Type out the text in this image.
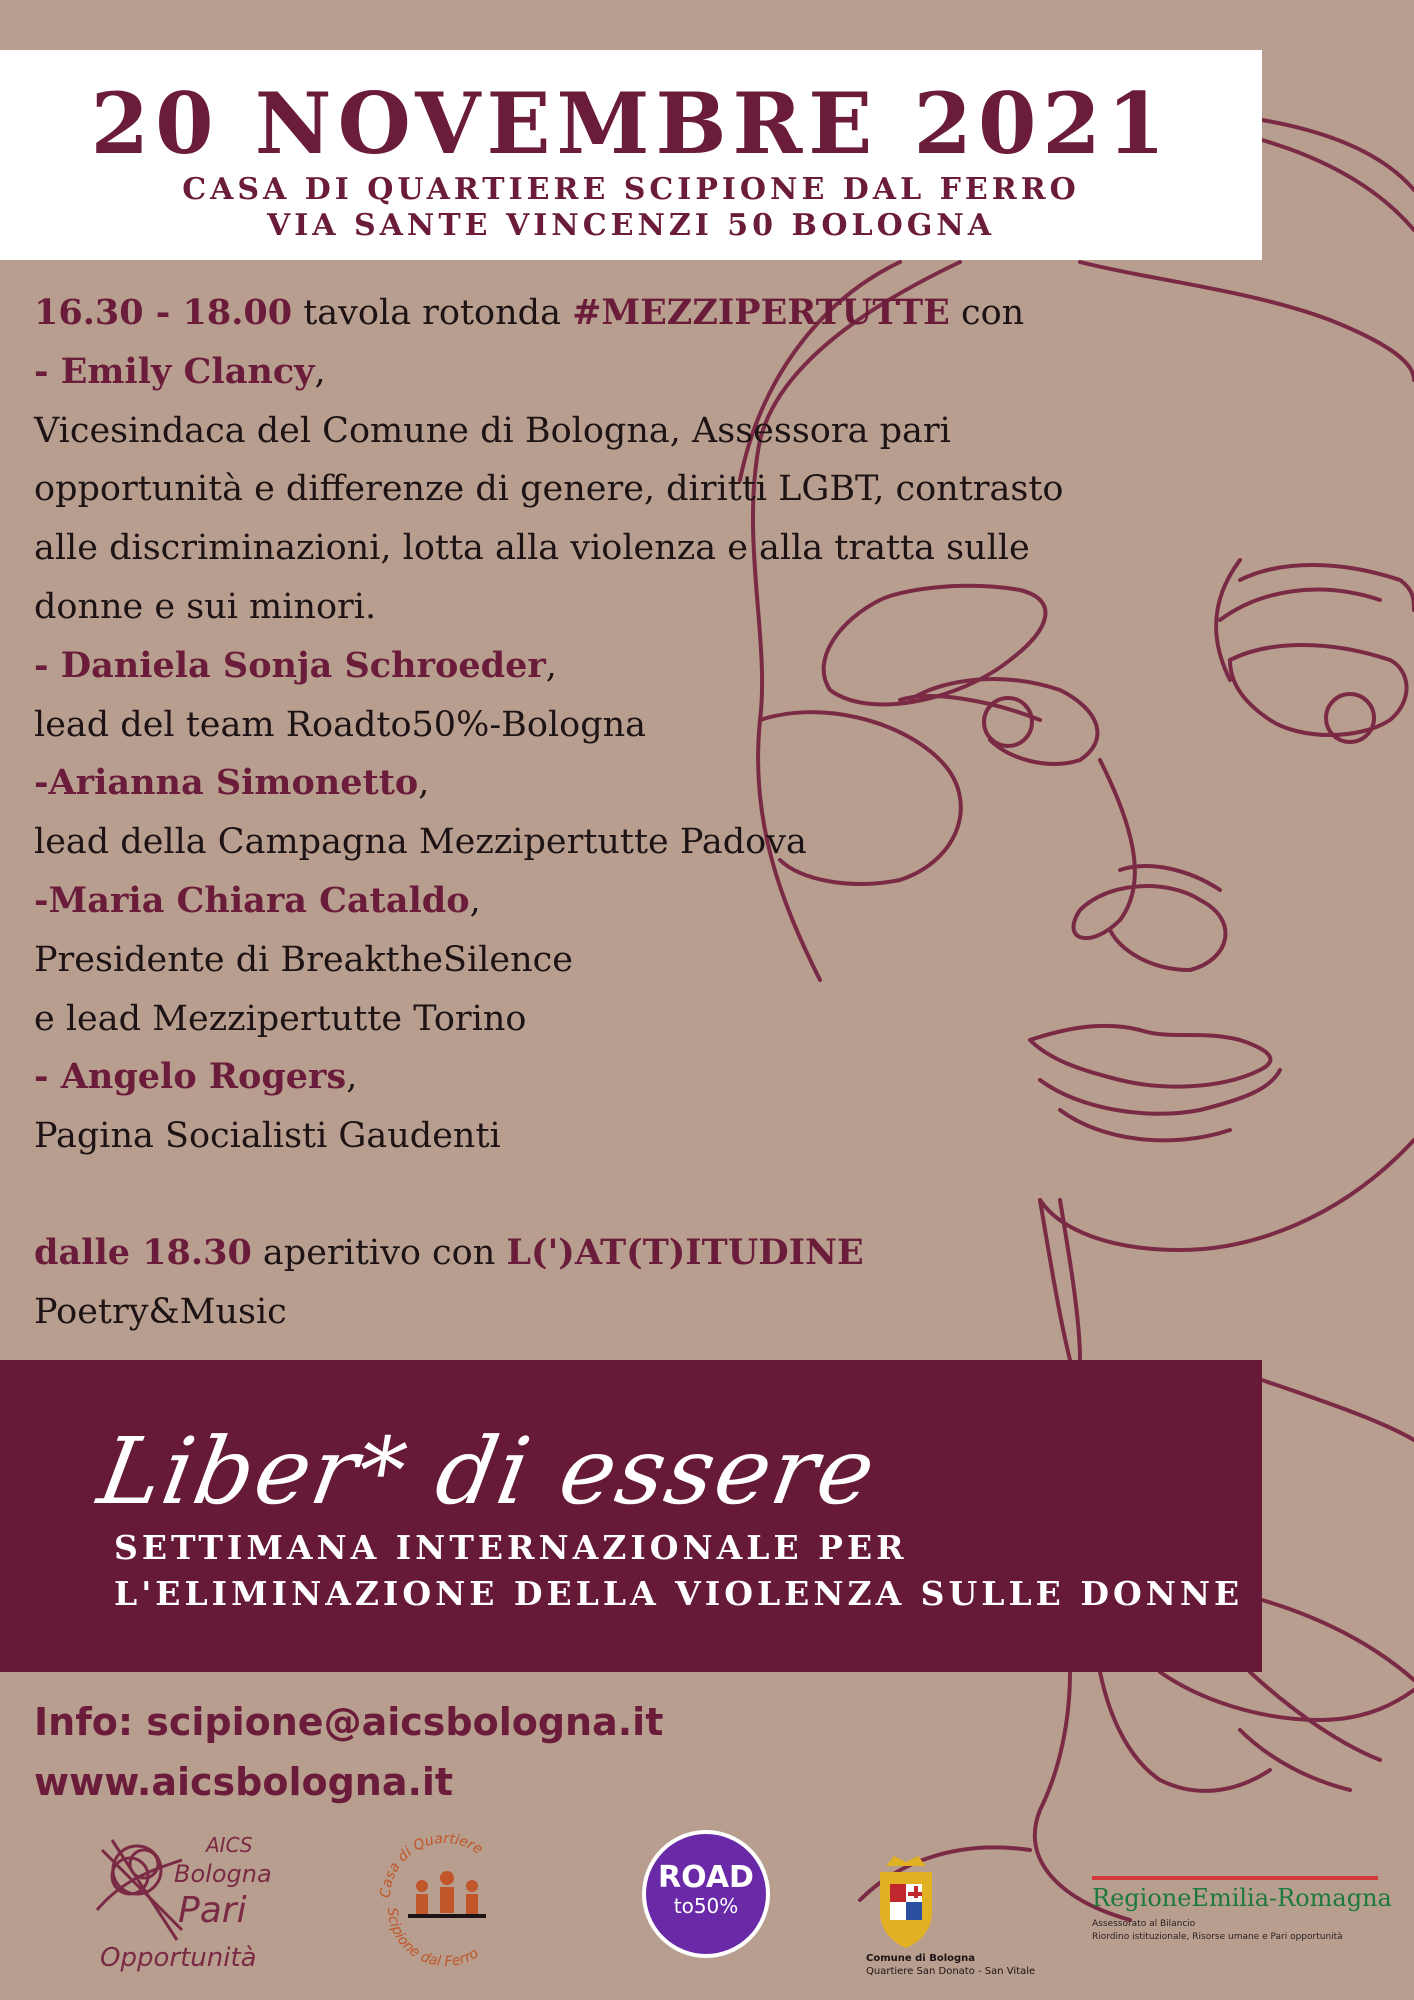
20 NOVEMBRE 2021
CASA DI QUARTIERE SCIPIONE DAL FERRO
VIA SANTE VINCENZI 50 BOLOGNA
16.30 - 18.00 tavola rotonda #MEZZIPERTUTTE con
- Emily Clancy,
Vicesindaca del Comune di Bologna, Assessora pari
opportunità e differenze di genere, diritti LGBT, contrasto
alle discriminazioni, lotta alla violenza e alla tratta sulle
donne e sui minori.
- Daniela Sonja Schroeder,
lead del team Roadto50%-Bologna
-Arianna Simonetto,
lead della Campagna Mezzipertutte Padova
-Maria Chiara Cataldo,
Presidente di BreaktheSilence
e lead Mezzipertutte Torino
- Angelo Rogers,
Pagina Socialisti Gaudenti
dalle 18.30 aperitivo con L(')AT(T)ITUDINE
Poetry&Music
Liber* di essere
SETTIMANA INTERNAZIONALE PER
L'ELIMINAZIONE DELLA VIOLENZA SULLE DONNE
Info: scipione@aicsbologna.it
www.aicsbologna.it
AICS
Bologna
Pari
Opportunità
Casa di Quartiere
Scipione dal Ferro
ROAD
to50%
Comune di Bologna
Quartiere San Donato - San Vitale
RegioneEmilia-Romagna
Assessorato al Bilancio
Riordino istituzionale, Risorse umane e Pari opportunità
